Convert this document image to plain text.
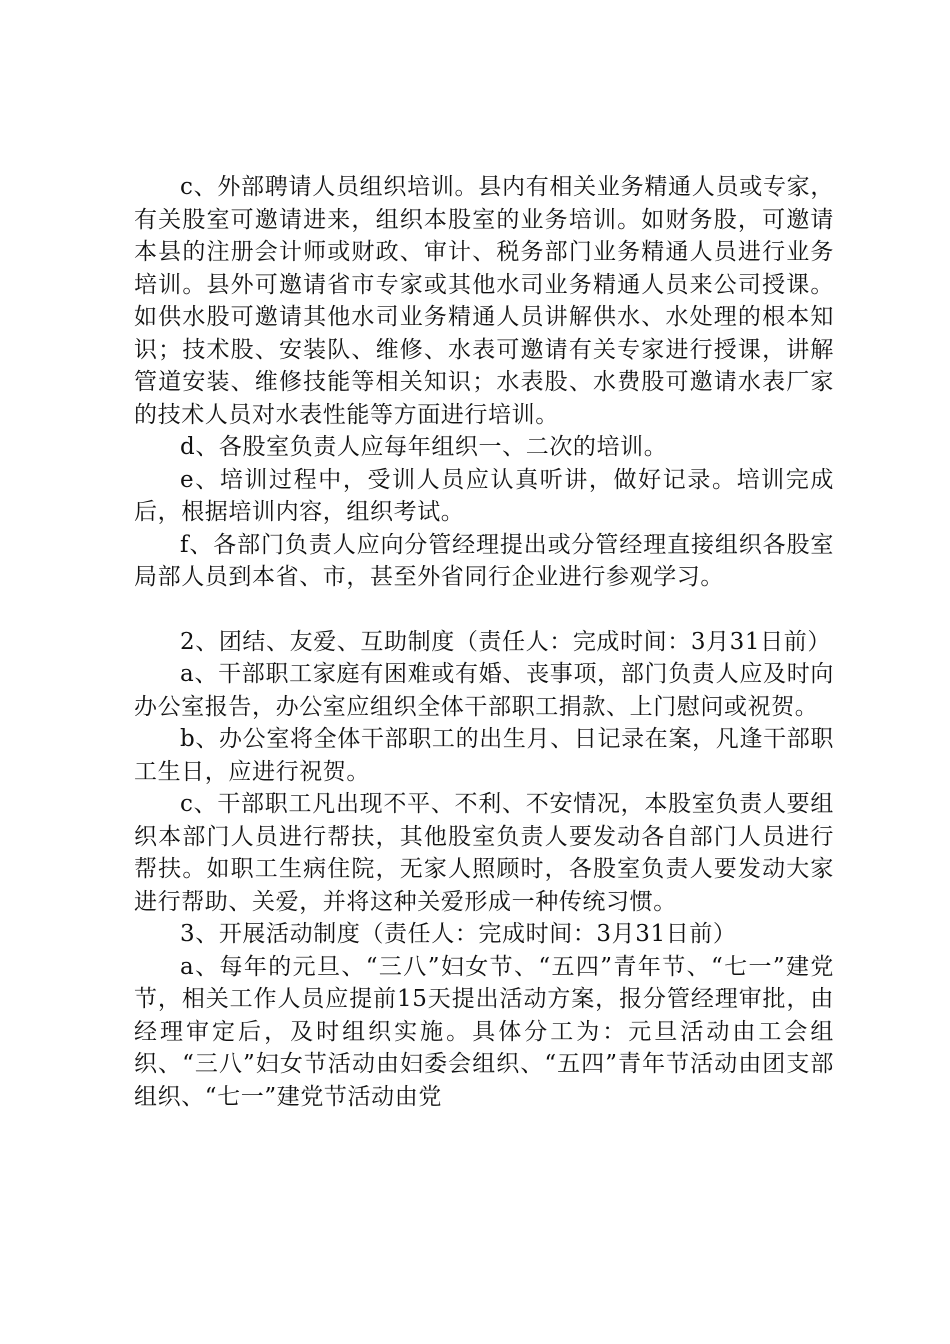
c、外部聘请人员组织培训。县内有相关业务精通人员或专家，有关股室可邀请进来，组织本股室的业务培训。如财务股，可邀请本县的注册会计师或财政、审计、税务部门业务精通人员进行业务培训。县外可邀请省市专家或其他水司业务精通人员来公司授课。如供水股可邀请其他水司业务精通人员讲解供水、水处理的根本知识；技术股、安装队、维修、水表可邀请有关专家进行授课，讲解管道安装、维修技能等相关知识；水表股、水费股可邀请水表厂家的技术人员对水表性能等方面进行培训。

d、各股室负责人应每年组织一、二次的培训。

e、培训过程中，受训人员应认真听讲，做好记录。培训完成后，根据培训内容，组织考试。

f、各部门负责人应向分管经理提出或分管经理直接组织各股室局部人员到本省、市，甚至外省同行企业进行参观学习。

2、团结、友爱、互助制度（责任人：完成时间：3月31日前）

a、干部职工家庭有困难或有婚、丧事项，部门负责人应及时向办公室报告，办公室应组织全体干部职工捐款、上门慰问或祝贺。

b、办公室将全体干部职工的出生月、日记录在案，凡逢干部职工生日，应进行祝贺。

c、干部职工凡出现不平、不利、不安情况，本股室负责人要组织本部门人员进行帮扶，其他股室负责人要发动各自部门人员进行帮扶。如职工生病住院，无家人照顾时，各股室负责人要发动大家进行帮助、关爱，并将这种关爱形成一种传统习惯。

3、开展活动制度（责任人：完成时间：3月31日前）

a、每年的元旦、“三八”妇女节、“五四”青年节、“七一”建党节，相关工作人员应提前15天提出活动方案，报分管经理审批，由经理审定后，及时组织实施。具体分工为：元旦活动由工会组织、“三八”妇女节活动由妇委会组织、“五四”青年节活动由团支部组织、“七一”建党节活动由党
